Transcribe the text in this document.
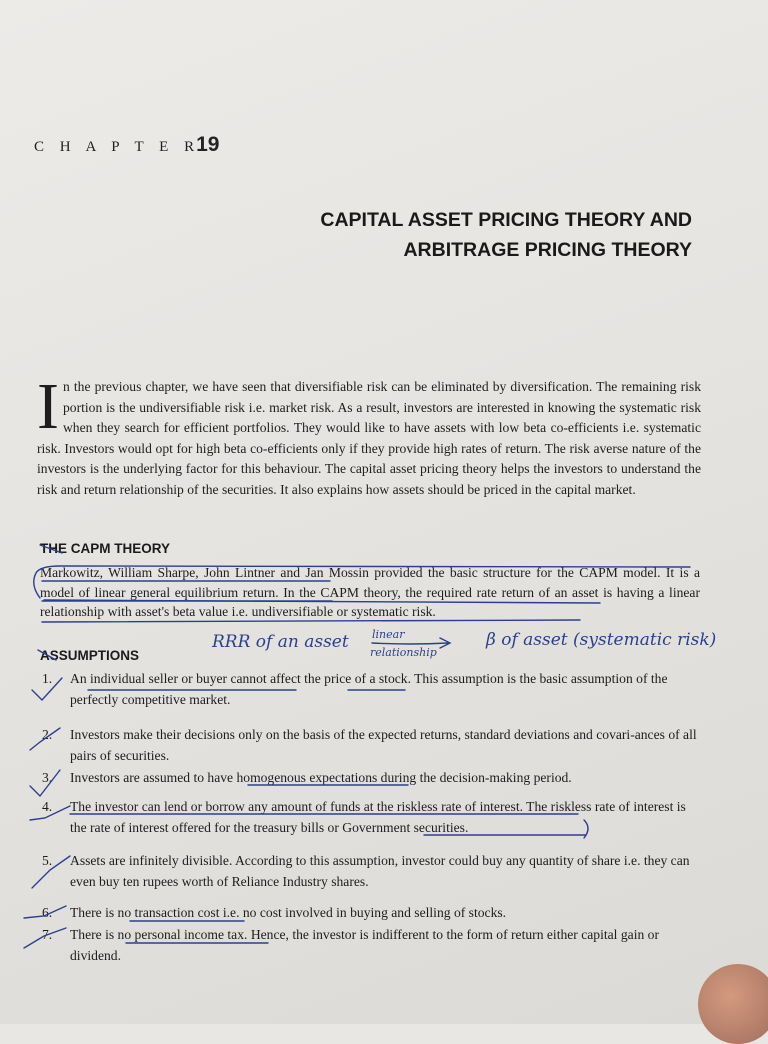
C H A P T E R19
CAPITAL ASSET PRICING THEORY AND
ARBITRAGE PRICING THEORY
In the previous chapter, we have seen that diversifiable risk can be eliminated by diversification. The remaining risk portion is the undiversifiable risk i.e. market risk. As a result, investors are interested in knowing the systematic risk when they search for efficient portfolios. They would like to have assets with low beta co-efficients i.e. systematic risk. Investors would opt for high beta co-efficients only if they provide high rates of return. The risk averse nature of the investors is the underlying factor for this behaviour. The capital asset pricing theory helps the investors to understand the risk and return relationship of the securities. It also explains how assets should be priced in the capital market.
THE CAPM THEORY
Markowitz, William Sharpe, John Lintner and Jan Mossin provided the basic structure for the CAPM model. It is a model of linear general equilibrium return. In the CAPM theory, the required rate return of an asset is having a linear relationship with asset's beta value i.e. undiversifiable or systematic risk.
ASSUMPTIONS
RRR of an asset linear
relationship
β of asset (systematic risk)
1. An individual seller or buyer cannot affect the price of a stock. This assumption is the basic assumption of the perfectly competitive market.
2. Investors make their decisions only on the basis of the expected returns, standard deviations and covari-ances of all pairs of securities.
3. Investors are assumed to have homogenous expectations during the decision-making period.
4. The investor can lend or borrow any amount of funds at the riskless rate of interest. The riskless rate of interest is the rate of interest offered for the treasury bills or Government securities.
5. Assets are infinitely divisible. According to this assumption, investor could buy any quantity of share i.e. they can even buy ten rupees worth of Reliance Industry shares.
6. There is no transaction cost i.e. no cost involved in buying and selling of stocks.
7. There is no personal income tax. Hence, the investor is indifferent to the form of return either capital gain or dividend.
